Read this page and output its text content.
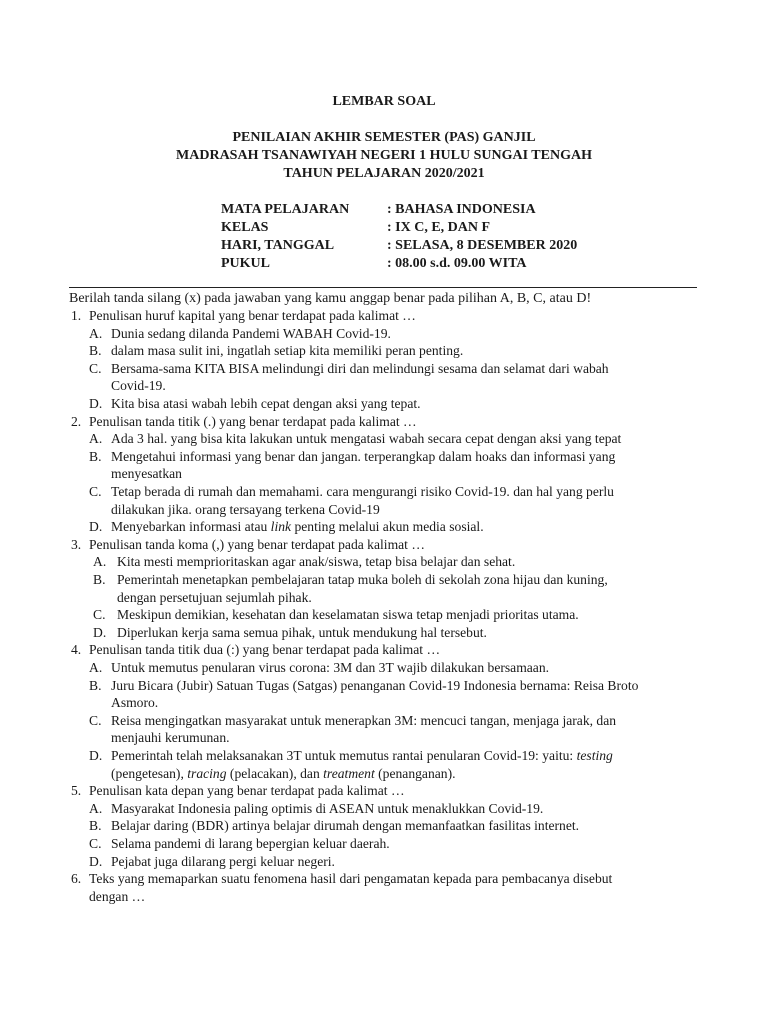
LEMBAR SOAL
PENILAIAN AKHIR SEMESTER (PAS) GANJIL
MADRASAH TSANAWIYAH NEGERI 1 HULU SUNGAI TENGAH
TAHUN PELAJARAN 2020/2021
MATA PELAJARAN	: BAHASA INDONESIA
KELAS	: IX C, E, DAN F
HARI, TANGGAL	: SELASA, 8 DESEMBER 2020
PUKUL	: 08.00 s.d. 09.00 WITA
Berilah tanda silang (x) pada jawaban yang kamu anggap benar pada pilihan A, B, C, atau D!
1. Penulisan huruf kapital yang benar terdapat pada kalimat …
A. Dunia sedang dilanda Pandemi WABAH Covid-19.
B. dalam masa sulit ini, ingatlah setiap kita memiliki peran penting.
C. Bersama-sama KITA BISA melindungi diri dan melindungi sesama dan selamat dari wabah
Covid-19.
D. Kita bisa atasi wabah lebih cepat dengan aksi yang tepat.
2. Penulisan tanda titik (.) yang benar terdapat pada kalimat …
A. Ada 3 hal. yang bisa kita lakukan untuk mengatasi wabah secara cepat dengan aksi yang tepat
B. Mengetahui informasi yang benar dan jangan. terperangkap dalam hoaks dan informasi yang
menyesatkan
C. Tetap berada di rumah dan memahami. cara mengurangi risiko Covid-19. dan hal yang perlu
dilakukan jika. orang tersayang terkena Covid-19
D. Menyebarkan informasi atau link penting melalui akun media sosial.
3. Penulisan tanda koma (,) yang benar terdapat pada kalimat …
A. Kita mesti memprioritaskan agar anak/siswa, tetap bisa belajar dan sehat.
B. Pemerintah menetapkan pembelajaran tatap muka boleh di sekolah zona hijau dan kuning,
dengan persetujuan sejumlah pihak.
C. Meskipun demikian, kesehatan dan keselamatan siswa tetap menjadi prioritas utama.
D. Diperlukan kerja sama semua pihak, untuk mendukung hal tersebut.
4. Penulisan tanda titik dua (:) yang benar terdapat pada kalimat …
A. Untuk memutus penularan virus corona: 3M dan 3T wajib dilakukan bersamaan.
B. Juru Bicara (Jubir) Satuan Tugas (Satgas) penanganan Covid-19 Indonesia bernama: Reisa Broto
Asmoro.
C. Reisa mengingatkan masyarakat untuk menerapkan 3M: mencuci tangan, menjaga jarak, dan
menjauhi kerumunan.
D. Pemerintah telah melaksanakan 3T untuk memutus rantai penularan Covid-19: yaitu: testing
(pengetesan), tracing (pelacakan), dan treatment (penanganan).
5. Penulisan kata depan yang benar terdapat pada kalimat …
A. Masyarakat Indonesia paling optimis di ASEAN untuk menaklukkan Covid-19.
B. Belajar daring (BDR) artinya belajar dirumah dengan memanfaatkan fasilitas internet.
C. Selama pandemi di larang bepergian keluar daerah.
D. Pejabat juga dilarang pergi keluar negeri.
6. Teks yang memaparkan suatu fenomena hasil dari pengamatan kepada para pembacanya disebut
dengan …
